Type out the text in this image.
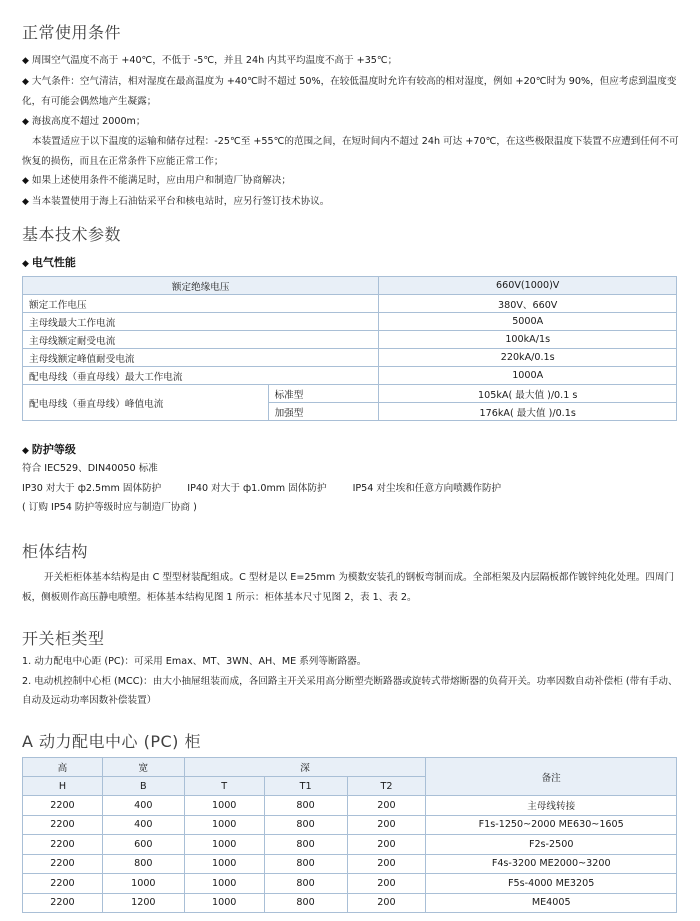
正常使用条件
◆ 周围空气温度不高于 +40℃，不低于 -5℃，并且 24h 内其平均温度不高于 +35℃；
◆ 大气条件：空气清洁，相对湿度在最高温度为 +40℃时不超过 50%，在较低温度时允许有较高的相对湿度，例如 +20℃时为 90%，但应考虑到温度变化，有可能会偶然地产生凝露；
◆ 海拔高度不超过 2000m；
本装置适应于以下温度的运输和储存过程：-25℃至 +55℃的范围之间，在短时间内不超过 24h 可达 +70℃，在这些极限温度下装置不应遭到任何不可恢复的损伤，而且在正常条件下应能正常工作；
◆ 如果上述使用条件不能满足时，应由用户和制造厂协商解决；
◆ 当本装置使用于海上石油钻采平台和核电站时，应另行签订技术协议。
基本技术参数
◆ 电气性能
额定绝缘电压		660V(1000)V
额定工作电压		380V、660V
主母线最大工作电流		5000A
主母线额定耐受电流		100kA/1s
主母线额定峰值耐受电流		220kA/0.1s
配电母线（垂直母线）最大工作电流		1000A
配电母线（垂直母线）峰值电流	标准型	105kA( 最大值 )/0.1 s
	加强型	176kA( 最大值 )/0.1s
◆ 防护等级
符合 IEC529、DIN40050 标准
IP30 对大于 ф2.5mm 固体防护	IP40 对大于 ф1.0mm 固体防护	IP54 对尘埃和任意方向喷溅作防护
( 订购 IP54 防护等级时应与制造厂协商 )
柜体结构
开关柜柜体基本结构是由 C 型型材装配组成。C 型材是以 E=25mm 为模数安装孔的钢板弯制而成。全部柜架及内层隔板都作镀锌纯化处理。四周门板，侧板则作高压静电喷塑。柜体基本结构见图 1 所示：柜体基本尺寸见图 2，表 1、表 2。
开关柜类型
1. 动力配电中心距 (PC)：可采用 Emax、MT、3WN、AH、ME 系列等断路器。
2. 电动机控制中心柜 (MCC)：由大小抽屉组装而成，各回路主开关采用高分断塑壳断路器或旋转式带熔断器的负荷开关。功率因数自动补偿柜 (带有手动、自动及远动功率因数补偿装置）
A 动力配电中心 (PC) 柜
高	宽	深			备注
H	B	T	T1	T2	
2200	400	1000	800	200	主母线转接
2200	400	1000	800	200	F1s-1250~2000 ME630~1605
2200	600	1000	800	200	F2s-2500
2200	800	1000	800	200	F4s-3200 ME2000~3200
2200	1000	1000	800	200	F5s-4000 ME3205
2200	1200	1000	800	200	ME4005
